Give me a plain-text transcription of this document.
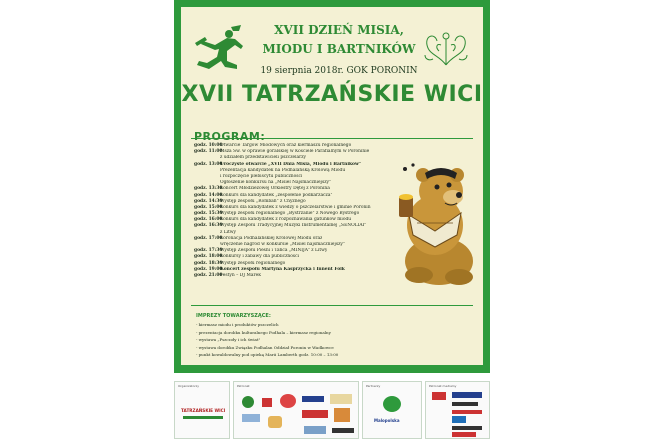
XVII DZIEŃ MISIA,
MIODU I BARTNIKÓW
19 sierpnia 2018r. GOK PORONIN
XVII TATRZAŃSKIE WICI
PROGRAM:
godz. 10:00
Otwarcie Targów Miodowych oraz kiermaszu regionalnego
godz. 11:00
Msza Św. w oprawie góralskiej w Kościele Parafialnym w Poroninie
z udziałem przedstawicieli pszczelarzy
godz. 13:00
Uroczyste otwarcie „XVII Dnia Misia, Miodu i Bartników"
Prezentacja kandydatek na Podhalańską Królową Miodu
i rozpoczęcie plebiscytu publiczności
Ogłoszenie konkursu na „Misiel Najsmaczniejszy"
godz. 13:30
Koncert Młodzieżowej Orkiestry Dętej z Poronina
godz. 14:00
Konkurs dla kandydatek „zespołenie podkarzacza"
godz. 14:30
Występ zespołu „Rombań" z Chyżnego
godz. 15:00
Konkurs dla kandydatek z wiedzy o pszczelarstwie i gminie Poronin
godz. 15:30
Występ zespołu regionalnego „Bystrzanie" z Nowego Bystrego
godz. 16:00
Konkurs dla kandydatek z rozpoznawania gatunków miodu
godz. 16:30
Występ Zespołu Tradycyjnej Muzyki Instrumentalnej „SENOLIAI"
z Litwy
godz. 17:00
Koronacja Podhalańskiej Królowej Miodu oraz
wręczenie nagród w konkursie „Misiel najsmaczniejszy"
godz. 17:30
Występ Zespołu Pieśni i Tańca „MINIJA" z Litwy
godz. 18:00
Konkursy i zabawy dla publiczności
godz. 18:30
Występ zespołu regionalnego
godz. 19:00
Koncert zespołu Martyna Kasprzycka i Innent Folk
godz. 21:00
Festyn – DJ Marek
IMPREZY TOWARZYSZĄCE:
- kiermasz miodu i produktów pszczelich
- prezentacja dorobku kulturalnego Podhala – kiermasz regionalny
- wystawa „Pszczoły i ich świat"
- wystawa dorobku Związku Podhalan Oddział Poronin w Wadkowce
- punkt kowaldowalny pod opieką Marii Lamberth godz. 10:00 – 13:00
Organizatorzy
TATRZAŃSKIE WICI
Patronat	Partnerzy
Malopolska
Patronat medialny
